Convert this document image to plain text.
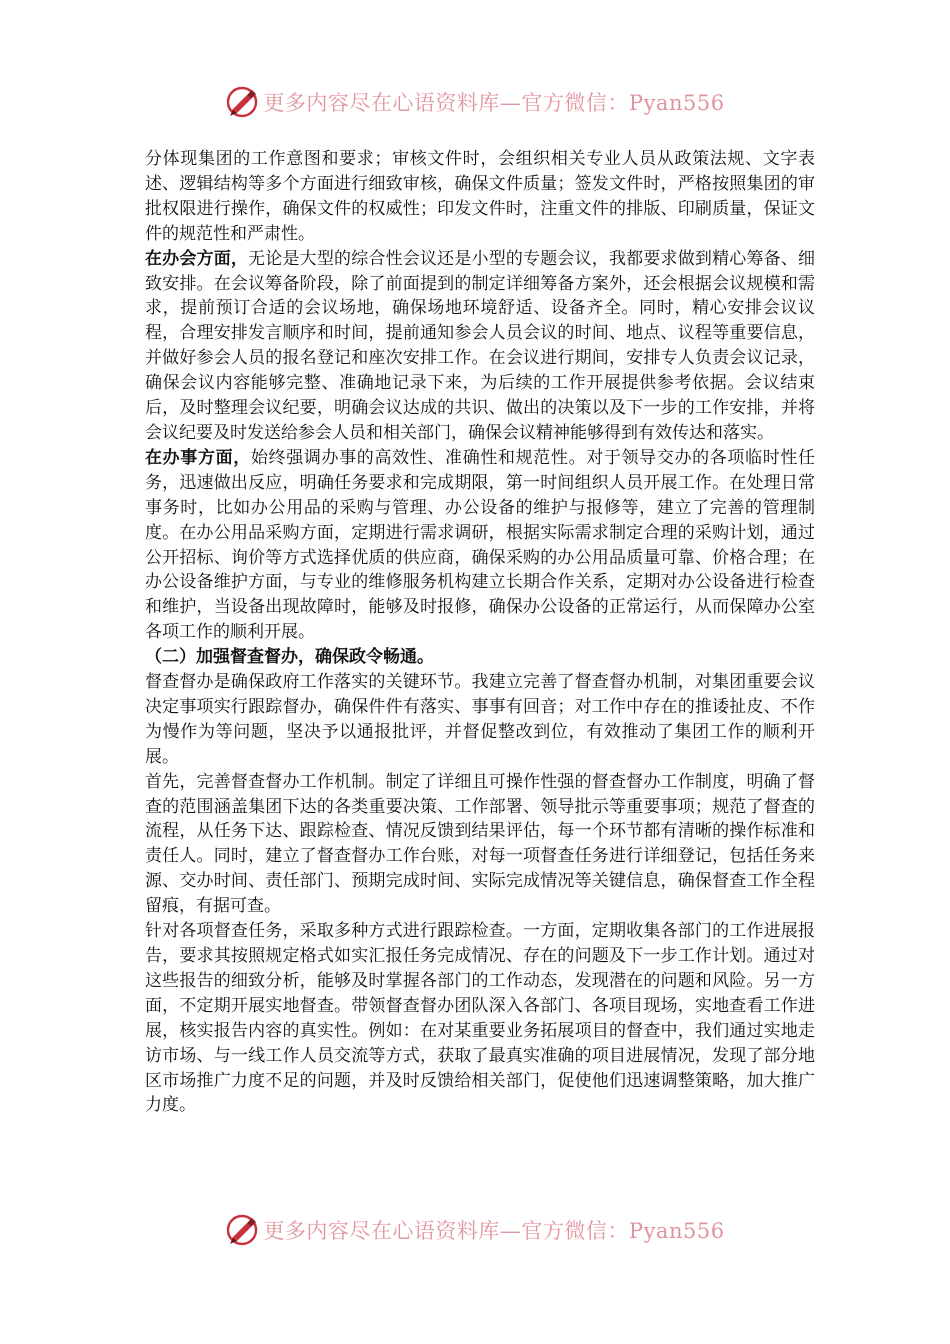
更多内容尽在心语资料库—官方微信：Pyan556

分体现集团的工作意图和要求；审核文件时，会组织相关专业人员从政策法规、文字表述、逻辑结构等多个方面进行细致审核，确保文件质量；签发文件时，严格按照集团的审批权限进行操作，确保文件的权威性；印发文件时，注重文件的排版、印刷质量，保证文件的规范性和严肃性。

在办会方面，无论是大型的综合性会议还是小型的专题会议，我都要求做到精心筹备、细致安排。在会议筹备阶段，除了前面提到的制定详细筹备方案外，还会根据会议规模和需求，提前预订合适的会议场地，确保场地环境舒适、设备齐全。同时，精心安排会议议程，合理安排发言顺序和时间，提前通知参会人员会议的时间、地点、议程等重要信息，并做好参会人员的报名登记和座次安排工作。在会议进行期间，安排专人负责会议记录，确保会议内容能够完整、准确地记录下来，为后续的工作开展提供参考依据。会议结束后，及时整理会议纪要，明确会议达成的共识、做出的决策以及下一步的工作安排，并将会议纪要及时发送给参会人员和相关部门，确保会议精神能够得到有效传达和落实。

在办事方面，始终强调办事的高效性、准确性和规范性。对于领导交办的各项临时性任务，迅速做出反应，明确任务要求和完成期限，第一时间组织人员开展工作。在处理日常事务时，比如办公用品的采购与管理、办公设备的维护与报修等，建立了完善的管理制度。在办公用品采购方面，定期进行需求调研，根据实际需求制定合理的采购计划，通过公开招标、询价等方式选择优质的供应商，确保采购的办公用品质量可靠、价格合理；在办公设备维护方面，与专业的维修服务机构建立长期合作关系，定期对办公设备进行检查和维护，当设备出现故障时，能够及时报修，确保办公设备的正常运行，从而保障办公室各项工作的顺利开展。

（二）加强督查督办，确保政令畅通。

督查督办是确保政府工作落实的关键环节。我建立完善了督查督办机制，对集团重要会议决定事项实行跟踪督办，确保件件有落实、事事有回音；对工作中存在的推诿扯皮、不作为慢作为等问题，坚决予以通报批评，并督促整改到位，有效推动了集团工作的顺利开展。

首先，完善督查督办工作机制。制定了详细且可操作性强的督查督办工作制度，明确了督查的范围涵盖集团下达的各类重要决策、工作部署、领导批示等重要事项；规范了督查的流程，从任务下达、跟踪检查、情况反馈到结果评估，每一个环节都有清晰的操作标准和责任人。同时，建立了督查督办工作台账，对每一项督查任务进行详细登记，包括任务来源、交办时间、责任部门、预期完成时间、实际完成情况等关键信息，确保督查工作全程留痕，有据可查。

针对各项督查任务，采取多种方式进行跟踪检查。一方面，定期收集各部门的工作进展报告，要求其按照规定格式如实汇报任务完成情况、存在的问题及下一步工作计划。通过对这些报告的细致分析，能够及时掌握各部门的工作动态，发现潜在的问题和风险。另一方面，不定期开展实地督查。带领督查督办团队深入各部门、各项目现场，实地查看工作进展，核实报告内容的真实性。例如：在对某重要业务拓展项目的督查中，我们通过实地走访市场、与一线工作人员交流等方式，获取了最真实准确的项目进展情况，发现了部分地区市场推广力度不足的问题，并及时反馈给相关部门，促使他们迅速调整策略，加大推广力度。

更多内容尽在心语资料库—官方微信：Pyan556
